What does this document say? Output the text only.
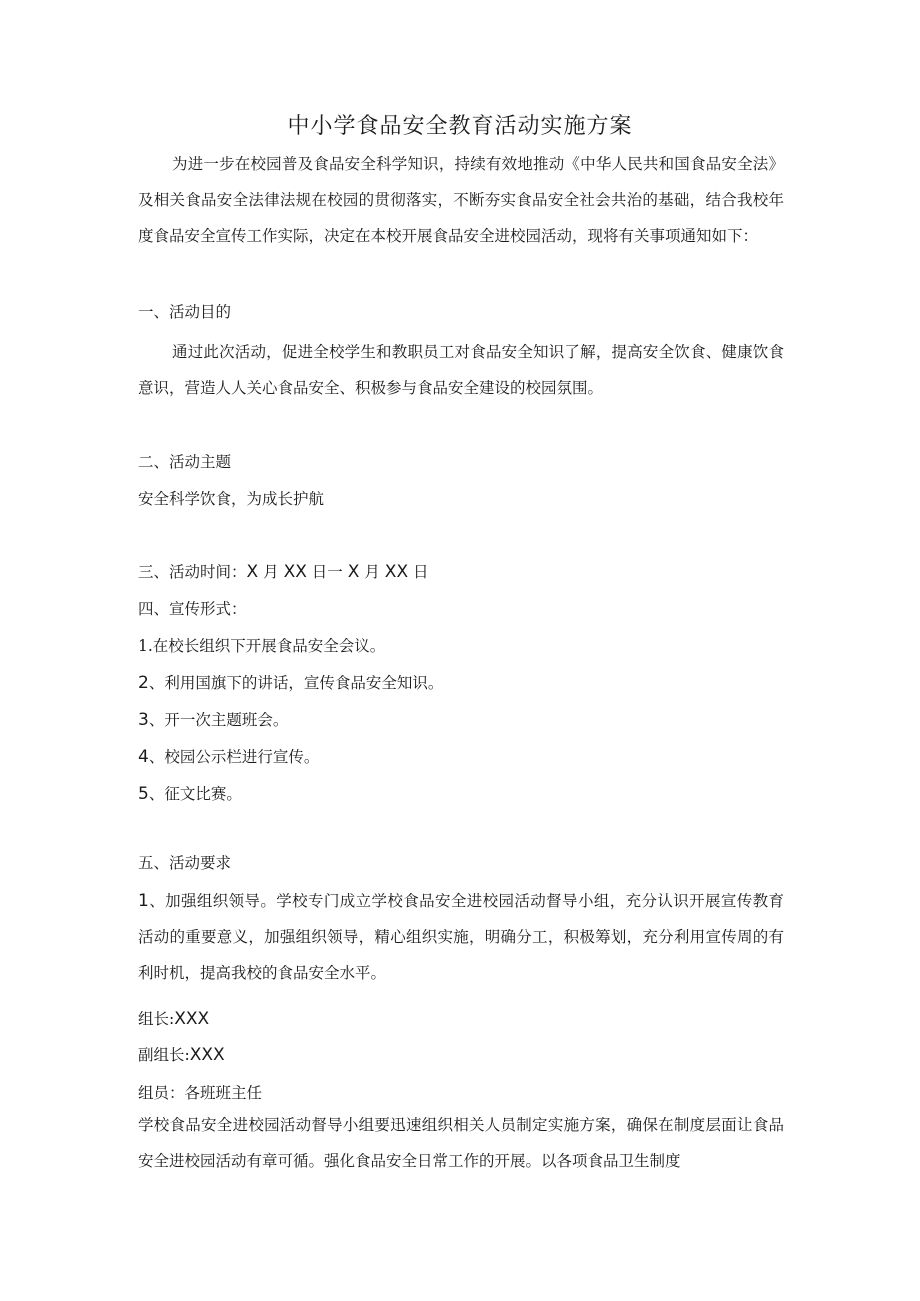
中小学食品安全教育活动实施方案
为进一步在校园普及食品安全科学知识，持续有效地推动《中华人民共和国食品安全法》及相关食品安全法律法规在校园的贯彻落实，不断夯实食品安全社会共治的基础，结合我校年度食品安全宣传工作实际，决定在本校开展食品安全进校园活动，现将有关事项通知如下：
一、活动目的
通过此次活动，促进全校学生和教职员工对食品安全知识了解，提高安全饮食、健康饮食意识，营造人人关心食品安全、积极参与食品安全建设的校园氛围。
二、活动主题
安全科学饮食，为成长护航
三、活动时间：X 月 XX 日一 X 月 XX 日
四、宣传形式：
1.在校长组织下开展食品安全会议。
2、利用国旗下的讲话，宣传食品安全知识。
3、开一次主题班会。
4、校园公示栏进行宣传。
5、征文比赛。
五、活动要求
1、加强组织领导。学校专门成立学校食品安全进校园活动督导小组，充分认识开展宣传教育活动的重要意义，加强组织领导，精心组织实施，明确分工，积极筹划，充分利用宣传周的有利时机，提高我校的食品安全水平。
组长:XXX
副组长:XXX
组员：各班班主任
学校食品安全进校园活动督导小组要迅速组织相关人员制定实施方案，确保在制度层面让食品安全进校园活动有章可循。强化食品安全日常工作的开展。以各项食品卫生制度
